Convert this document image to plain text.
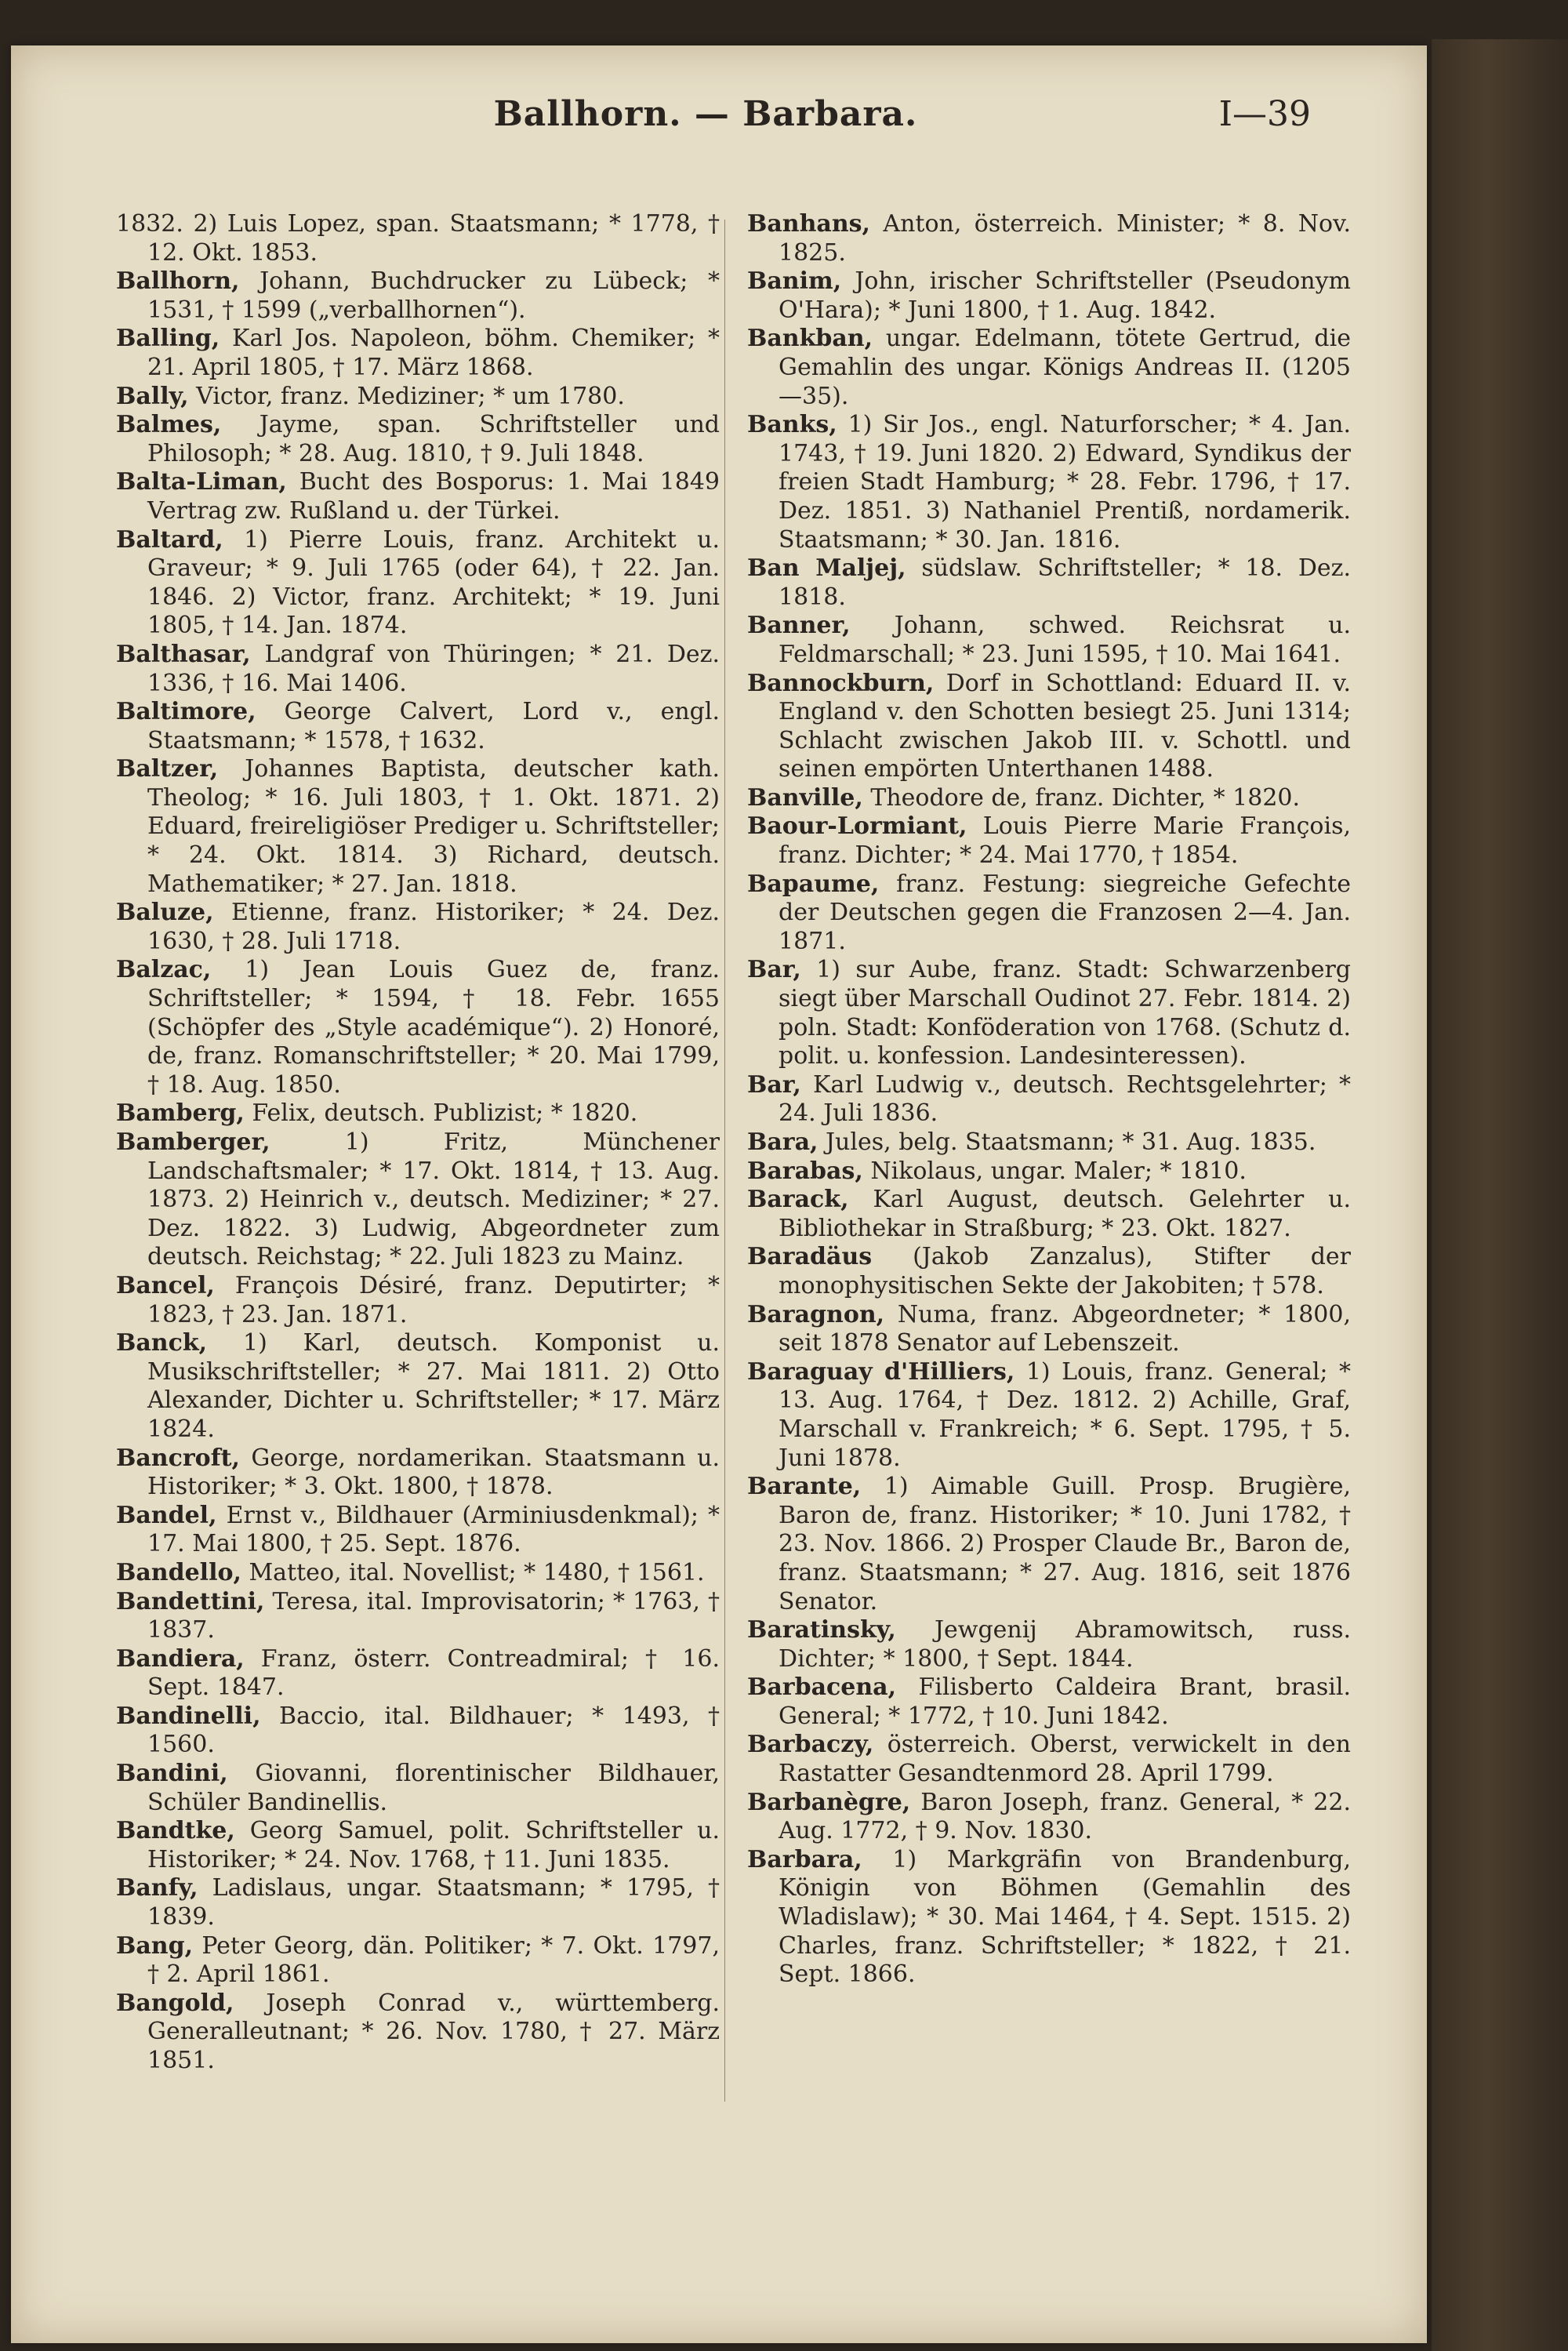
Ballhorn. — Barbara.	I—39

1832. 2) Luis Lopez, span. Staatsmann; * 1778, † 12. Okt. 1853.

Ballhorn, Johann, Buchdrucker zu Lübeck; * 1531, † 1599 („verballhornen“).

Balling, Karl Jos. Napoleon, böhm. Chemiker; * 21. April 1805, † 17. März 1868.

Bally, Victor, franz. Mediziner; * um 1780.

Balmes, Jayme, span. Schriftsteller und Philosoph; * 28. Aug. 1810, † 9. Juli 1848.

Balta-Liman, Bucht des Bosporus: 1. Mai 1849 Vertrag zw. Rußland u. der Türkei.

Baltard, 1) Pierre Louis, franz. Architekt u. Graveur; * 9. Juli 1765 (oder 64), † 22. Jan. 1846. 2) Victor, franz. Architekt; * 19. Juni 1805, † 14. Jan. 1874.

Balthasar, Landgraf von Thüringen; * 21. Dez. 1336, † 16. Mai 1406.

Baltimore, George Calvert, Lord v., engl. Staatsmann; * 1578, † 1632.

Baltzer, Johannes Baptista, deutscher kath. Theolog; * 16. Juli 1803, † 1. Okt. 1871. 2) Eduard, freireligiöser Prediger u. Schriftsteller; * 24. Okt. 1814. 3) Richard, deutsch. Mathematiker; * 27. Jan. 1818.

Baluze, Etienne, franz. Historiker; * 24. Dez. 1630, † 28. Juli 1718.

Balzac, 1) Jean Louis Guez de, franz. Schriftsteller; * 1594, † 18. Febr. 1655 (Schöpfer des „Style académique“). 2) Honoré, de, franz. Romanschriftsteller; * 20. Mai 1799, † 18. Aug. 1850.

Bamberg, Felix, deutsch. Publizist; * 1820.

Bamberger,	1) Fritz, Münchener Landschaftsmaler; * 17. Okt. 1814, † 13. Aug. 1873. 2) Heinrich v., deutsch. Mediziner; * 27. Dez. 1822. 3) Ludwig, Abgeordneter zum deutsch. Reichstag; * 22. Juli 1823 zu Mainz.

Bancel, François Désiré, franz. Deputirter; * 1823, † 23. Jan. 1871.

Banck, 1) Karl, deutsch. Komponist u. Musikschriftsteller; * 27. Mai 1811. 2) Otto Alexander, Dichter u. Schriftsteller; * 17. März 1824.

Bancroft, George, nordamerikan. Staatsmann u. Historiker; * 3. Okt. 1800, † 1878.

Bandel, Ernst v., Bildhauer (Arminiusdenkmal); * 17. Mai 1800, † 25. Sept. 1876.

Bandello, Matteo, ital. Novellist; * 1480, † 1561.

Bandettini, Teresa, ital. Improvisatorin; * 1763, † 1837.

Bandiera, Franz, österr. Contreadmiral; † 16. Sept. 1847.

Bandinelli, Baccio, ital. Bildhauer; * 1493, † 1560.

Bandini, Giovanni, florentinischer Bildhauer, Schüler Bandinellis.

Bandtke, Georg Samuel, polit. Schriftsteller u. Historiker; * 24. Nov. 1768, † 11. Juni 1835.

Banfy, Ladislaus, ungar. Staatsmann; * 1795, † 1839.

Bang, Peter Georg, dän. Politiker; * 7. Okt. 1797, † 2. April 1861.

Bangold, Joseph Conrad v., württemberg. Generalleutnant; * 26. Nov. 1780, † 27. März 1851.

Banhans, Anton, österreich. Minister; * 8. Nov. 1825.

Banim, John, irischer Schriftsteller (Pseudonym O'Hara); * Juni 1800, † 1. Aug. 1842.

Bankban, ungar. Edelmann, tötete Gertrud, die Gemahlin des ungar. Königs Andreas II. (1205—35).

Banks, 1) Sir Jos., engl. Naturforscher; * 4. Jan. 1743, † 19. Juni 1820. 2) Edward, Syndikus der freien Stadt Hamburg; * 28. Febr. 1796, † 17. Dez. 1851. 3) Nathaniel Prentiß, nordamerik. Staatsmann; * 30. Jan. 1816.

Ban Maljej, südslaw. Schriftsteller; * 18. Dez. 1818.

Banner, Johann, schwed. Reichsrat u. Feldmarschall; * 23. Juni 1595, † 10. Mai 1641.

Bannockburn, Dorf in Schottland: Eduard II. v. England v. den Schotten besiegt 25. Juni 1314; Schlacht zwischen Jakob III. v. Schottl. und seinen empörten Unterthanen 1488.

Banville, Theodore de, franz. Dichter, * 1820.

Baour-Lormiant, Louis Pierre Marie François, franz. Dichter; * 24. Mai 1770, † 1854.

Bapaume, franz. Festung: siegreiche Gefechte der Deutschen gegen die Franzosen 2—4. Jan. 1871.

Bar, 1) sur Aube, franz. Stadt: Schwarzenberg siegt über Marschall Oudinot 27. Febr. 1814. 2) poln. Stadt: Konföderation von 1768. (Schutz d. polit. u. konfession. Landesinteressen).

Bar, Karl Ludwig v., deutsch. Rechtsgelehrter; * 24. Juli 1836.

Bara, Jules, belg. Staatsmann; * 31. Aug. 1835.

Barabas, Nikolaus, ungar. Maler; * 1810.

Barack, Karl August, deutsch. Gelehrter u. Bibliothekar in Straßburg; * 23. Okt. 1827.

Baradäus (Jakob Zanzalus), Stifter der monophysitischen Sekte der Jakobiten; † 578.

Baragnon, Numa, franz. Abgeordneter; * 1800, seit 1878 Senator auf Lebenszeit.

Baraguay d'Hilliers, 1) Louis, franz. General; * 13. Aug. 1764, † Dez. 1812. 2) Achille, Graf, Marschall v. Frankreich; * 6. Sept. 1795, † 5. Juni 1878.

Barante, 1) Aimable Guill. Prosp. Brugière, Baron de, franz. Historiker; * 10. Juni 1782, † 23. Nov. 1866. 2) Prosper Claude Br., Baron de, franz. Staatsmann; * 27. Aug. 1816, seit 1876 Senator.

Baratinsky, Jewgenij Abramowitsch, russ. Dichter; * 1800, † Sept. 1844.

Barbacena, Filisberto Caldeira Brant, brasil. General; * 1772, † 10. Juni 1842.

Barbaczy, österreich. Oberst, verwickelt in den Rastatter Gesandtenmord 28. April 1799.

Barbanègre, Baron Joseph, franz. General, * 22. Aug. 1772, † 9. Nov. 1830.

Barbara, 1) Markgräfin von Brandenburg, Königin von Böhmen (Gemahlin des Wladislaw); * 30. Mai 1464, † 4. Sept. 1515. 2) Charles, franz. Schriftsteller; * 1822, † 21. Sept. 1866.
